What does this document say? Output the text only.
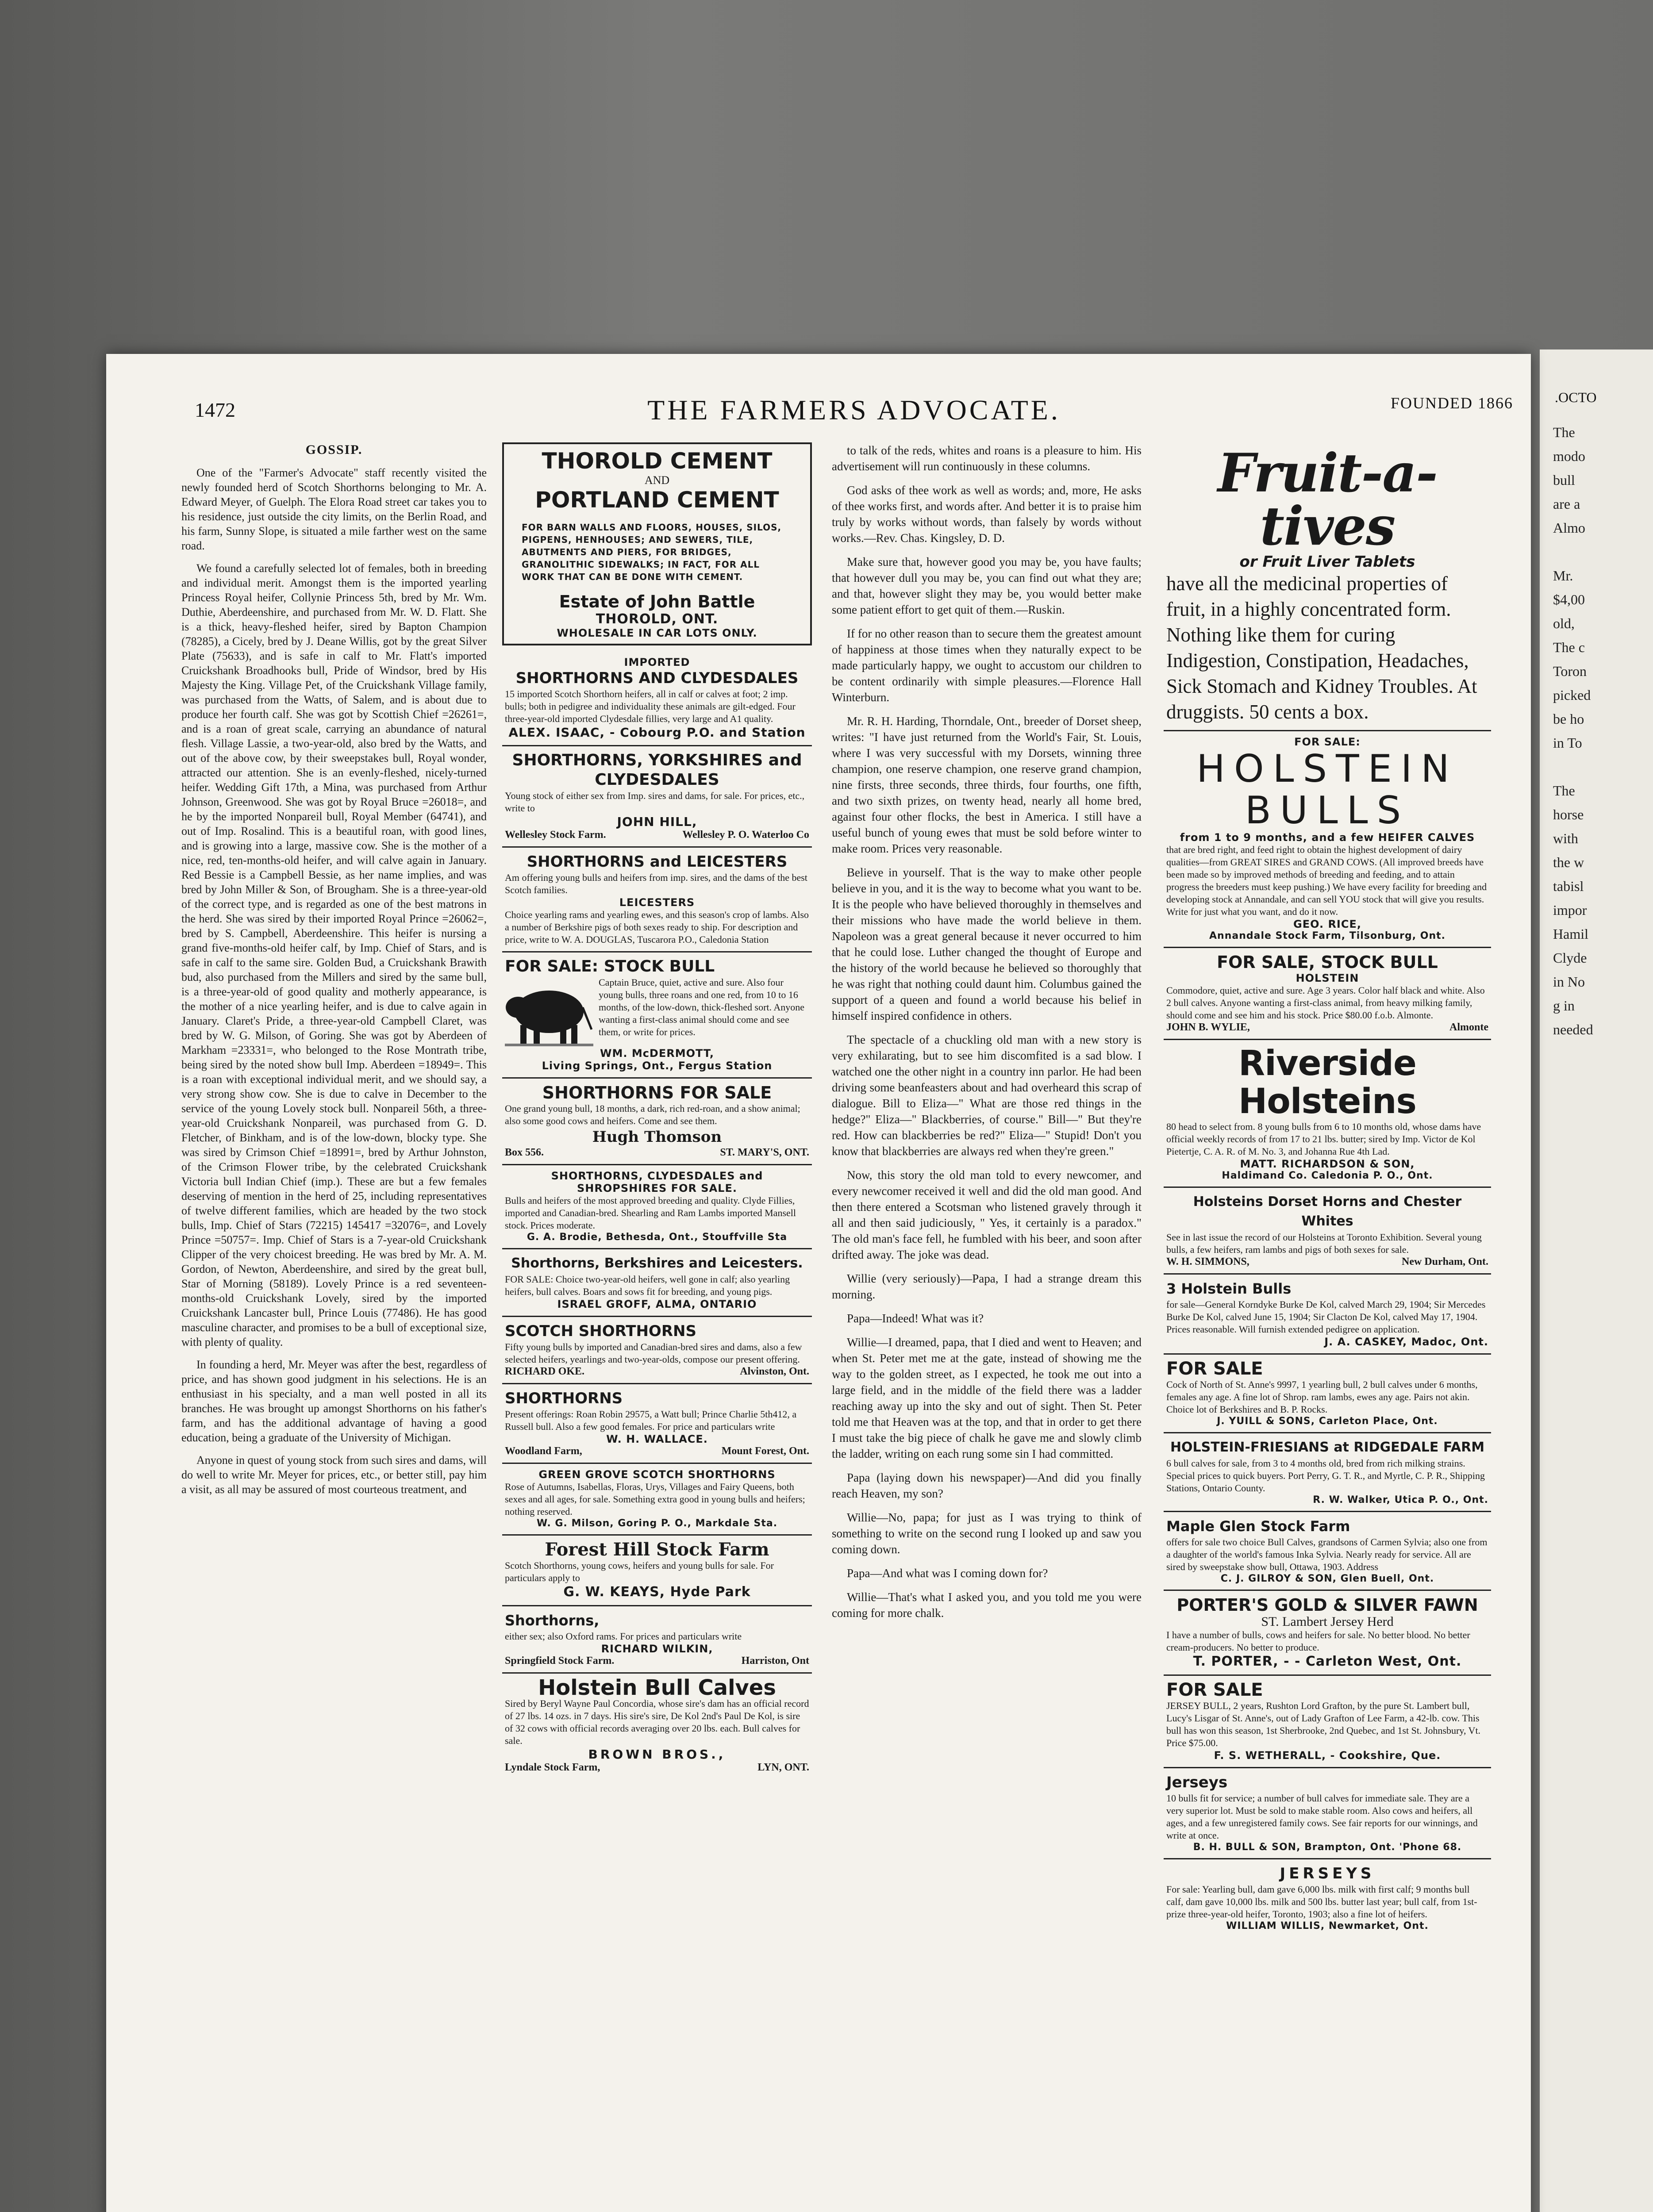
.OCTO
The
modo
bull
are a
Almo

Mr.
$4,00
old,
The c
Toron
picked
be ho
in To

The
horse
with
the w
tabisl
impor
Hamil
Clyde
in No
g in
needed
1472	THE FARMERS ADVOCATE.	FOUNDED 1866
GOSSIP.

One of the "Farmer's Advocate" staff recently visited the newly founded herd of Scotch Shorthorns belonging to Mr. A. Edward Meyer, of Guelph. The Elora Road street car takes you to his residence, just outside the city limits, on the Berlin Road, and his farm, Sunny Slope, is situated a mile farther west on the same road.

We found a carefully selected lot of females, both in breeding and individual merit. Amongst them is the imported yearling Princess Royal heifer, Collynie Princess 5th, bred by Mr. Wm. Duthie, Aberdeenshire, and purchased from Mr. W. D. Flatt. She is a thick, heavy-fleshed heifer, sired by Bapton Champion (78285), a Cicely, bred by J. Deane Willis, got by the great Silver Plate (75633), and is safe in calf to Mr. Flatt's imported Cruickshank Broadhooks bull, Pride of Windsor, bred by His Majesty the King. Village Pet, of the Cruickshank Village family, was purchased from the Watts, of Salem, and is about due to produce her fourth calf. She was got by Scottish Chief =26261=, and is a roan of great scale, carrying an abundance of natural flesh. Village Lassie, a two-year-old, also bred by the Watts, and out of the above cow, by their sweepstakes bull, Royal wonder, attracted our attention. She is an evenly-fleshed, nicely-turned heifer. Wedding Gift 17th, a Mina, was purchased from Arthur Johnson, Greenwood. She was got by Royal Bruce =26018=, and he by the imported Nonpareil bull, Royal Member (64741), and out of Imp. Rosalind. This is a beautiful roan, with good lines, and is growing into a large, massive cow. She is the mother of a nice, red, ten-months-old heifer, and will calve again in January. Red Bessie is a Campbell Bessie, as her name implies, and was bred by John Miller & Son, of Brougham. She is a three-year-old of the correct type, and is regarded as one of the best matrons in the herd. She was sired by their imported Royal Prince =26062=, bred by S. Campbell, Aberdeenshire. This heifer is nursing a grand five-months-old heifer calf, by Imp. Chief of Stars, and is safe in calf to the same sire. Golden Bud, a Cruickshank Brawith bud, also purchased from the Millers and sired by the same bull, is a three-year-old of good quality and motherly appearance, is the mother of a nice yearling heifer, and is due to calve again in January. Claret's Pride, a three-year-old Campbell Claret, was bred by W. G. Milson, of Goring. She was got by Aberdeen of Markham =23331=, who belonged to the Rose Montrath tribe, being sired by the noted show bull Imp. Aberdeen =18949=. This is a roan with exceptional individual merit, and we should say, a very strong show cow. She is due to calve in December to the service of the young Lovely stock bull. Nonpareil 56th, a three-year-old Cruickshank Nonpareil, was purchased from G. D. Fletcher, of Binkham, and is of the low-down, blocky type. She was sired by Crimson Chief =18991=, bred by Arthur Johnston, of the Crimson Flower tribe, by the celebrated Cruickshank Victoria bull Indian Chief (imp.). These are but a few females deserving of mention in the herd of 25, including representatives of twelve different families, which are headed by the two stock bulls, Imp. Chief of Stars (72215) 145417 =32076=, and Lovely Prince =50757=. Imp. Chief of Stars is a 7-year-old Cruickshank Clipper of the very choicest breeding. He was bred by Mr. A. M. Gordon, of Newton, Aberdeenshire, and sired by the great bull, Star of Morning (58189). Lovely Prince is a red seventeen-months-old Cruickshank Lovely, sired by the imported Cruickshank Lancaster bull, Prince Louis (77486). He has good masculine character, and promises to be a bull of exceptional size, with plenty of quality.

In founding a herd, Mr. Meyer was after the best, regardless of price, and has shown good judgment in his selections. He is an enthusiast in his specialty, and a man well posted in all its branches. He was brought up amongst Shorthorns on his father's farm, and has the additional advantage of having a good education, being a graduate of the University of Michigan.

Anyone in quest of young stock from such sires and dams, will do well to write Mr. Meyer for prices, etc., or better still, pay him a visit, as all may be assured of most courteous treatment, and

THOROLD CEMENT
AND
PORTLAND CEMENT
FOR BARN WALLS AND FLOORS, HOUSES, SILOS, PIGPENS, HENHOUSES; AND SEWERS, TILE, ABUTMENTS AND PIERS, FOR BRIDGES, GRANOLITHIC SIDEWALKS; IN FACT, FOR ALL WORK THAT CAN BE DONE WITH CEMENT.
Estate of John Battle
THOROLD, ONT.
WHOLESALE IN CAR LOTS ONLY.
IMPORTED
SHORTHORNS AND CLYDESDALES
15 imported Scotch Shorthorn heifers, all in calf or calves at foot; 2 imp. bulls; both in pedigree and individuality these animals are gilt-edged. Four three-year-old imported Clydesdale fillies, very large and A1 quality.
ALEX. ISAAC, - Cobourg P.O. and Station
SHORTHORNS, YORKSHIRES and CLYDESDALES
Young stock of either sex from Imp. sires and dams, for sale. For prices, etc., write to
JOHN HILL,
Wellesley Stock Farm.	Wellesley P. O. Waterloo Co
SHORTHORNS and LEICESTERS
Am offering young bulls and heifers from imp. sires, and the dams of the best Scotch families.
LEICESTERS
Choice yearling rams and yearling ewes, and this season's crop of lambs. Also a number of Berkshire pigs of both sexes ready to ship. For description and price, write to W. A. DOUGLAS, Tuscarora P.O., Caledonia Station
FOR SALE: STOCK BULL
Captain Bruce, quiet, active and sure. Also four young bulls, three roans and one red, from 10 to 16 months, of the low-down, thick-fleshed sort. Anyone wanting a first-class animal should come and see them, or write for prices.
WM. McDERMOTT,
Living Springs, Ont., Fergus Station
SHORTHORNS FOR SALE
One grand young bull, 18 months, a dark, rich red-roan, and a show animal; also some good cows and heifers. Come and see them.
Hugh Thomson
Box 556.	ST. MARY'S, ONT.
SHORTHORNS, CLYDESDALES and SHROPSHIRES FOR SALE.
Bulls and heifers of the most approved breeding and quality. Clyde Fillies, imported and Canadian-bred. Shearling and Ram Lambs imported Mansell stock. Prices moderate.
G. A. Brodie, Bethesda, Ont., Stouffville Sta
Shorthorns, Berkshires and Leicesters.
FOR SALE: Choice two-year-old heifers, well gone in calf; also yearling heifers, bull calves. Boars and sows fit for breeding, and young pigs.
ISRAEL GROFF, ALMA, ONTARIO
SCOTCH SHORTHORNS
Fifty young bulls by imported and Canadian-bred sires and dams, also a few selected heifers, yearlings and two-year-olds, compose our present offering.
RICHARD OKE.	Alvinston, Ont.
SHORTHORNS
Present offerings: Roan Robin 29575, a Watt bull; Prince Charlie 5th412, a Russell bull. Also a few good females. For price and particulars write
W. H. WALLACE.
Woodland Farm,	Mount Forest, Ont.
GREEN GROVE SCOTCH SHORTHORNS
Rose of Autumns, Isabellas, Floras, Urys, Villages and Fairy Queens, both sexes and all ages, for sale. Something extra good in young bulls and heifers; nothing reserved.
W. G. Milson, Goring P. O., Markdale Sta.
Forest Hill Stock Farm
Scotch Shorthorns, young cows, heifers and young bulls for sale. For particulars apply to
G. W. KEAYS, Hyde Park
Shorthorns,
either sex; also Oxford rams. For prices and particulars write
RICHARD WILKIN,
Springfield Stock Farm.	Harriston, Ont
Holstein Bull Calves
Sired by Beryl Wayne Paul Concordia, whose sire's dam has an official record of 27 lbs. 14 ozs. in 7 days. His sire's sire, De Kol 2nd's Paul De Kol, is sire of 32 cows with official records averaging over 20 lbs. each. Bull calves for sale.
BROWN BROS.,
Lyndale Stock Farm,	LYN, ONT.

to talk of the reds, whites and roans is a pleasure to him. His advertisement will run continuously in these columns.

God asks of thee work as well as words; and, more, He asks of thee works first, and words after. And better it is to praise him truly by works without words, than falsely by words without works.—Rev. Chas. Kingsley, D. D.

Make sure that, however good you may be, you have faults; that however dull you may be, you can find out what they are; and that, however slight they may be, you would better make some patient effort to get quit of them.—Ruskin.

If for no other reason than to secure them the greatest amount of happiness at those times when they naturally expect to be made particularly happy, we ought to accustom our children to be content ordinarily with simple pleasures.—Florence Hall Winterburn.

Mr. R. H. Harding, Thorndale, Ont., breeder of Dorset sheep, writes: "I have just returned from the World's Fair, St. Louis, where I was very successful with my Dorsets, winning three champion, one reserve champion, one reserve grand champion, nine firsts, three seconds, three thirds, four fourths, one fifth, and two sixth prizes, on twenty head, nearly all home bred, against four other flocks, the best in America. I still have a useful bunch of young ewes that must be sold before winter to make room. Prices very reasonable.

Believe in yourself. That is the way to make other people believe in you, and it is the way to become what you want to be. It is the people who have believed thoroughly in themselves and their missions who have made the world believe in them. Napoleon was a great general because it never occurred to him that he could lose. Luther changed the thought of Europe and the history of the world because he believed so thoroughly that he was right that nothing could daunt him. Columbus gained the support of a queen and found a world because his belief in himself inspired confidence in others.

The spectacle of a chuckling old man with a new story is very exhilarating, but to see him discomfited is a sad blow. I watched one the other night in a country inn parlor. He had been driving some beanfeasters about and had overheard this scrap of dialogue. Bill to Eliza—" What are those red things in the hedge?" Eliza—" Blackberries, of course." Bill—" But they're red. How can blackberries be red?" Eliza—" Stupid! Don't you know that blackberries are always red when they're green."

Now, this story the old man told to every newcomer, and every newcomer received it well and did the old man good. And then there entered a Scotsman who listened gravely through it all and then said judiciously, " Yes, it certainly is a paradox." The old man's face fell, he fumbled with his beer, and soon after drifted away. The joke was dead.

Willie (very seriously)—Papa, I had a strange dream this morning.

Papa—Indeed! What was it?

Willie—I dreamed, papa, that I died and went to Heaven; and when St. Peter met me at the gate, instead of showing me the way to the golden street, as I expected, he took me out into a large field, and in the middle of the field there was a ladder reaching away up into the sky and out of sight. Then St. Peter told me that Heaven was at the top, and that in order to get there I must take the big piece of chalk he gave me and slowly climb the ladder, writing on each rung some sin I had committed.

Papa (laying down his newspaper)—And did you finally reach Heaven, my son?

Willie—No, papa; for just as I was trying to think of something to write on the second rung I looked up and saw you coming down.

Papa—And what was I coming down for?

Willie—That's what I asked you, and you told me you were coming for more chalk.

Fruit-a-tives
or Fruit Liver Tablets
have all the medicinal properties of fruit, in a highly concentrated form. Nothing like them for curing Indigestion, Constipation, Headaches, Sick Stomach and Kidney Troubles. At druggists. 50 cents a box.
FOR SALE:
HOLSTEIN
BULLS
from 1 to 9 months, and a few HEIFER CALVES
that are bred right, and feed right to obtain the highest development of dairy qualities—from GREAT SIRES and GRAND COWS. (All improved breeds have been made so by improved methods of breeding and feeding, and to attain progress the breeders must keep pushing.) We have every facility for breeding and developing stock at Annandale, and can sell YOU stock that will give you results. Write for just what you want, and do it now.
GEO. RICE,
Annandale Stock Farm, Tilsonburg, Ont.
FOR SALE, STOCK BULL
HOLSTEIN
Commodore, quiet, active and sure. Age 3 years. Color half black and white. Also 2 bull calves. Anyone wanting a first-class animal, from heavy milking family, should come and see him and his stock. Price $80.00 f.o.b. Almonte.
JOHN B. WYLIE,	Almonte
Riverside Holsteins
80 head to select from. 8 young bulls from 6 to 10 months old, whose dams have official weekly records of from 17 to 21 lbs. butter; sired by Imp. Victor de Kol Pietertje, C. A. R. of M. No. 3, and Johanna Rue 4th Lad.
MATT. RICHARDSON & SON,
Haldimand Co. Caledonia P. O., Ont.
Holsteins Dorset Horns and Chester Whites
See in last issue the record of our Holsteins at Toronto Exhibition. Several young bulls, a few heifers, ram lambs and pigs of both sexes for sale.
W. H. SIMMONS,	New Durham, Ont.
3 Holstein Bulls
for sale—General Korndyke Burke De Kol, calved March 29, 1904; Sir Mercedes Burke De Kol, calved June 15, 1904; Sir Clacton De Kol, calved May 17, 1904. Prices reasonable. Will furnish extended pedigree on application.
J. A. CASKEY, Madoc, Ont.
FOR SALE
Cock of North of St. Anne's 9997, 1 yearling bull, 2 bull calves under 6 months, females any age. A fine lot of Shrop. ram lambs, ewes any age. Pairs not akin. Choice lot of Berkshires and B. P. Rocks.
J. YUILL & SONS, Carleton Place, Ont.
HOLSTEIN-FRIESIANS at RIDGEDALE FARM
6 bull calves for sale, from 3 to 4 months old, bred from rich milking strains. Special prices to quick buyers. Port Perry, G. T. R., and Myrtle, C. P. R., Shipping Stations, Ontario County.
R. W. Walker, Utica P. O., Ont.
Maple Glen Stock Farm
offers for sale two choice Bull Calves, grandsons of Carmen Sylvia; also one from a daughter of the world's famous Inka Sylvia. Nearly ready for service. All are sired by sweepstake show bull, Ottawa, 1903. Address
C. J. GILROY & SON, Glen Buell, Ont.
PORTER'S GOLD & SILVER FAWN
ST. Lambert Jersey Herd
I have a number of bulls, cows and heifers for sale. No better blood. No better cream-producers. No better to produce.
T. PORTER, - - Carleton West, Ont.
FOR SALE
JERSEY BULL, 2 years, Rushton Lord Grafton, by the pure St. Lambert bull, Lucy's Lisgar of St. Anne's, out of Lady Grafton of Lee Farm, a 42-lb. cow. This bull has won this season, 1st Sherbrooke, 2nd Quebec, and 1st St. Johnsbury, Vt. Price $75.00.
F. S. WETHERALL, - Cookshire, Que.
Jerseys
10 bulls fit for service; a number of bull calves for immediate sale. They are a very superior lot. Must be sold to make stable room. Also cows and heifers, all ages, and a few unregistered family cows. See fair reports for our winnings, and write at once.
B. H. BULL & SON, Brampton, Ont. 'Phone 68.
JERSEYS
For sale: Yearling bull, dam gave 6,000 lbs. milk with first calf; 9 months bull calf, dam gave 10,000 lbs. milk and 500 lbs. butter last year; bull calf, from 1st-prize three-year-old heifer, Toronto, 1903; also a fine lot of heifers.
WILLIAM WILLIS, Newmarket, Ont.
